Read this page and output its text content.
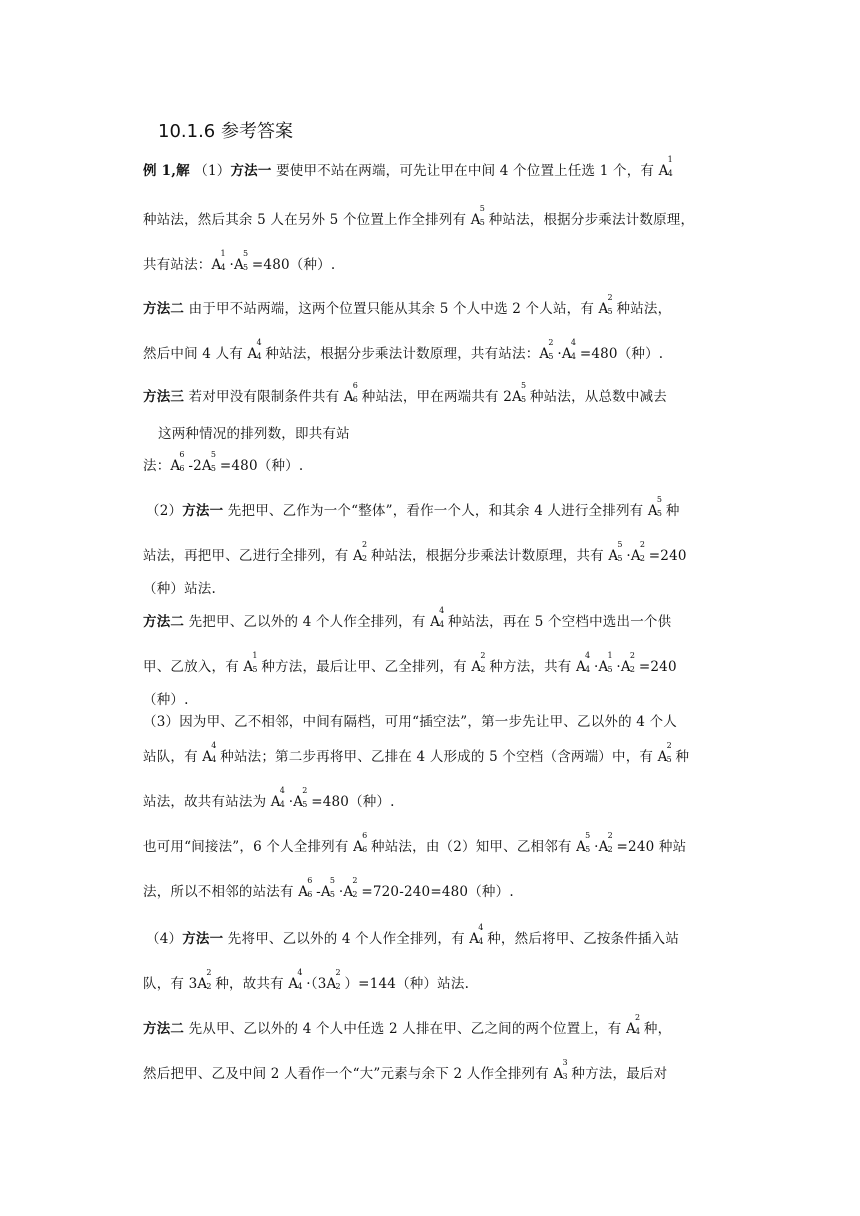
10.1.6 参考答案
例 1,解 （1）方法一 要使甲不站在两端，可先让甲在中间 4 个位置上任选 1 个，有 A
1
4
种站法，然后其余 5 人在另外 5 个位置上作全排列有 A
5
5 种站法，根据分步乘法计数原理，
共有站法：A
1
4 ·A
5
5 =480（种）.
方法二 由于甲不站两端，这两个位置只能从其余 5 个人中选 2 个人站，有 A
2
5 种站法，
然后中间 4 人有 A
4
4 种站法，根据分步乘法计数原理，共有站法：A
2
5 ·A
4
4 =480（种）.
方法三 若对甲没有限制条件共有 A
6
6 种站法，甲在两端共有 2A
5
5 种站法，从总数中减去
这两种情况的排列数，即共有站
法：A
6
6 -2A
5
5 =480（种）.
（2）方法一 先把甲、乙作为一个“整体”，看作一个人，和其余 4 人进行全排列有 A
5
5 种
站法，再把甲、乙进行全排列，有 A
2
2 种站法，根据分步乘法计数原理，共有 A
5
5 ·A
2
2 =240
（种）站法.
方法二 先把甲、乙以外的 4 个人作全排列，有 A
4
4 种站法，再在 5 个空档中选出一个供
甲、乙放入，有 A
1
5 种方法，最后让甲、乙全排列，有 A
2
2 种方法，共有 A
4
4 ·A
1
5 ·A
2
2 =240
（种）.
（3）因为甲、乙不相邻，中间有隔档，可用“插空法”，第一步先让甲、乙以外的 4 个人
站队，有 A
4
4 种站法；第二步再将甲、乙排在 4 人形成的 5 个空档（含两端）中，有 A
2
5 种
站法，故共有站法为 A
4
4 ·A
2
5 =480（种）.
也可用“间接法”，6 个人全排列有 A
6
6 种站法，由（2）知甲、乙相邻有 A
5
5 ·A
2
2 =240 种站
法，所以不相邻的站法有 A
6
6 -A
5
5 ·A
2
2 =720-240=480（种）.
（4）方法一 先将甲、乙以外的 4 个人作全排列，有 A
4
4 种，然后将甲、乙按条件插入站
队，有 3A
2
2 种，故共有 A
4
4 ·（3A
2
2 ）=144（种）站法.
方法二 先从甲、乙以外的 4 个人中任选 2 人排在甲、乙之间的两个位置上，有 A
2
4 种，
然后把甲、乙及中间 2 人看作一个“大”元素与余下 2 人作全排列有 A
3
3 种方法，最后对
